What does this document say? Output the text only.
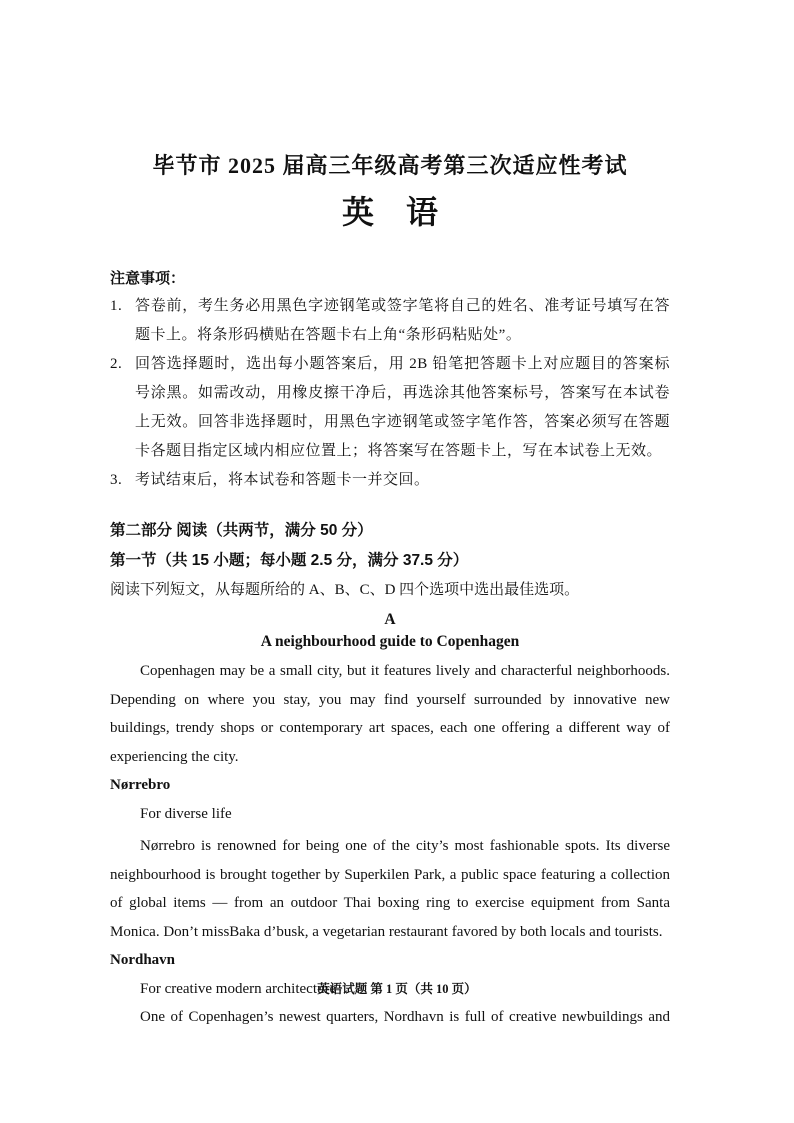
毕节市 2025 届高三年级高考第三次适应性考试
英　语
注意事项：
1. 答卷前，考生务必用黑色字迹钢笔或签字笔将自己的姓名、准考证号填写在答题卡上。将条形码横贴在答题卡右上角“条形码粘贴处”。
2. 回答选择题时，选出每小题答案后，用 2B 铅笔把答题卡上对应题目的答案标号涂黑。如需改动，用橡皮擦干净后，再选涂其他答案标号，答案写在本试卷上无效。回答非选择题时，用黑色字迹钢笔或签字笔作答，答案必须写在答题卡各题目指定区域内相应位置上；将答案写在答题卡上，写在本试卷上无效。
3. 考试结束后，将本试卷和答题卡一并交回。
第二部分 阅读（共两节，满分 50 分）
第一节（共 15 小题；每小题 2.5 分，满分 37.5 分）
阅读下列短文，从每题所给的 A、B、C、D 四个选项中选出最佳选项。
A
A neighbourhood guide to Copenhagen
Copenhagen may be a small city, but it features lively and characterful neighborhoods. Depending on where you stay, you may find yourself surrounded by innovative new buildings, trendy shops or contemporary art spaces, each one offering a different way of experiencing the city.
Nørrebro
For diverse life
Nørrebro is renowned for being one of the city’s most fashionable spots. Its diverse neighbourhood is brought together by Superkilen Park, a public space featuring a collection of global items — from an outdoor Thai boxing ring to exercise equipment from Santa Monica. Don’t missBaka d’busk, a vegetarian restaurant favored by both locals and tourists.
Nordhavn
For creative modern architecture
One of Copenhagen’s newest quarters, Nordhavn is full of creative newbuildings and
英语试题 第 1 页（共 10 页）
